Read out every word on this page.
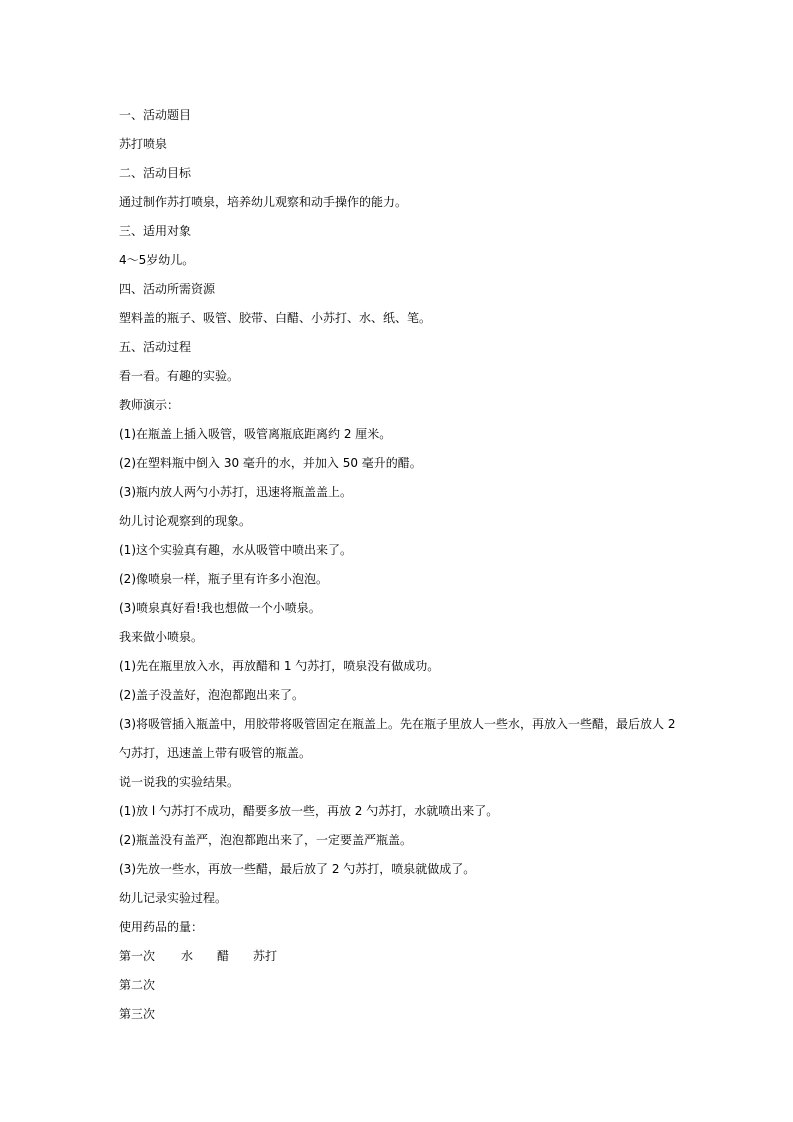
一、活动题目
苏打喷泉
二、活动目标
通过制作苏打喷泉，培养幼儿观察和动手操作的能力。
三、适用对象
4～5岁幼儿。
四、活动所需资源
塑料盖的瓶子、吸管、胶带、白醋、小苏打、水、纸、笔。
五、活动过程
看一看。有趣的实验。
教师演示：
(1)在瓶盖上插入吸管，吸管离瓶底距离约 2 厘米。
(2)在塑料瓶中倒入 30 毫升的水，并加入 50 毫升的醋。
(3)瓶内放人两勺小苏打，迅速将瓶盖盖上。
幼儿讨论观察到的现象。
(1)这个实验真有趣，水从吸管中喷出来了。
(2)像喷泉一样，瓶子里有许多小泡泡。
(3)喷泉真好看!我也想做一个小喷泉。
我来做小喷泉。
(1)先在瓶里放入水，再放醋和 1 勺苏打，喷泉没有做成功。
(2)盖子没盖好，泡泡都跑出来了。
(3)将吸管插入瓶盖中，用胶带将吸管固定在瓶盖上。先在瓶子里放人一些水，再放入一些醋，最后放人 2
勺苏打，迅速盖上带有吸管的瓶盖。
说一说我的实验结果。
(1)放 l 勺苏打不成功，醋要多放一些，再放 2 勺苏打，水就喷出来了。
(2)瓶盖没有盖严，泡泡都跑出来了，一定要盖严瓶盖。
(3)先放一些水，再放一些醋，最后放了 2 勺苏打，喷泉就做成了。
幼儿记录实验过程。
使用药品的量：
第一次 水 醋 苏打
第二次
第三次
